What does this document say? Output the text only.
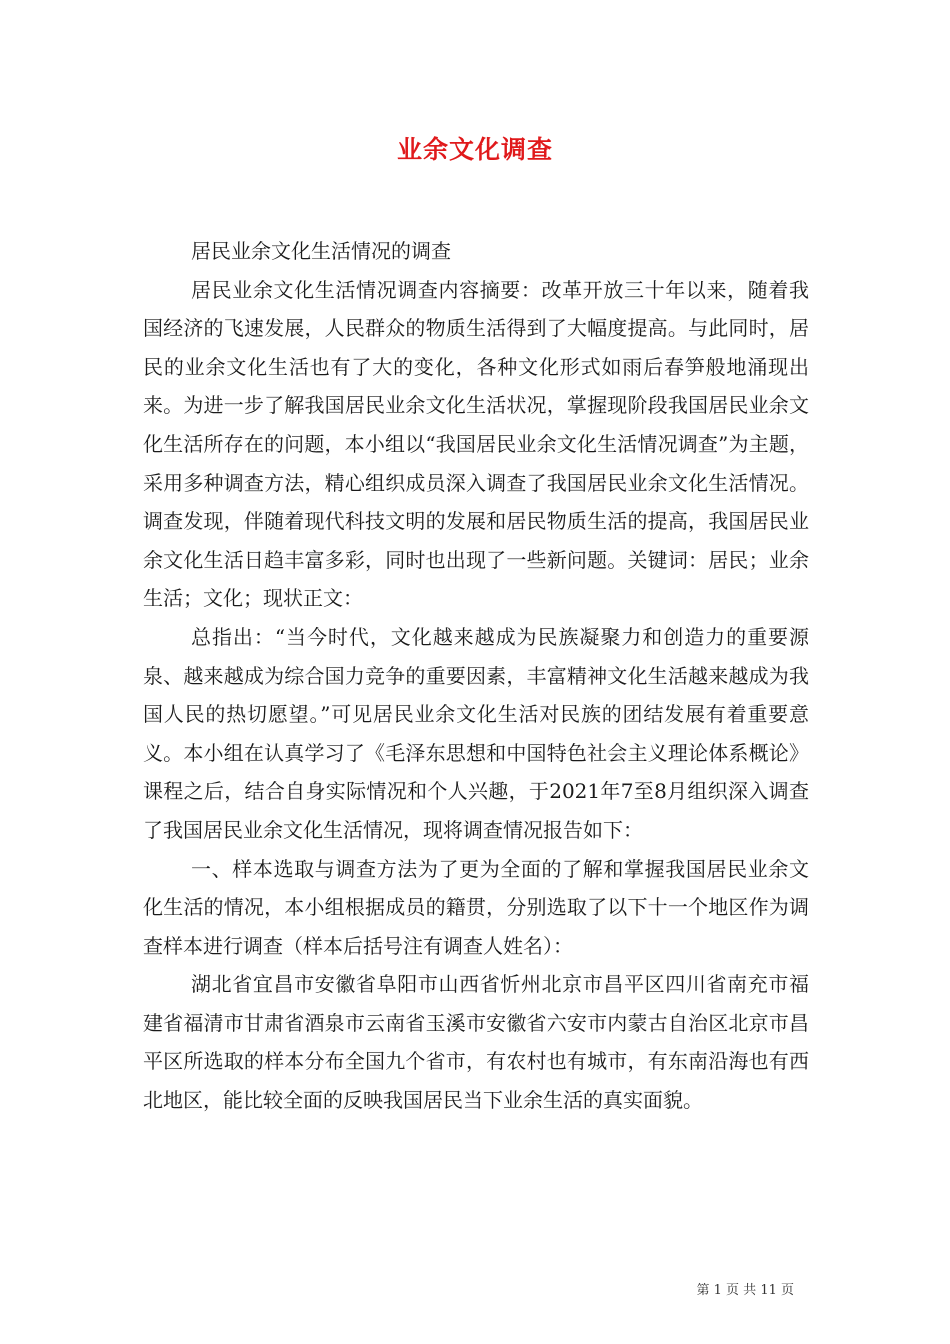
业余文化调查

居民业余文化生活情况的调查

居民业余文化生活情况调查内容摘要：改革开放三十年以来，随着我国经济的飞速发展，人民群众的物质生活得到了大幅度提高。与此同时，居民的业余文化生活也有了大的变化，各种文化形式如雨后春笋般地涌现出来。为进一步了解我国居民业余文化生活状况，掌握现阶段我国居民业余文化生活所存在的问题，本小组以“我国居民业余文化生活情况调查”为主题，采用多种调查方法，精心组织成员深入调查了我国居民业余文化生活情况。调查发现，伴随着现代科技文明的发展和居民物质生活的提高，我国居民业余文化生活日趋丰富多彩，同时也出现了一些新问题。关键词：居民；业余生活；文化；现状正文：

总指出：“当今时代，文化越来越成为民族凝聚力和创造力的重要源泉、越来越成为综合国力竞争的重要因素，丰富精神文化生活越来越成为我国人民的热切愿望。”可见居民业余文化生活对民族的团结发展有着重要意义。本小组在认真学习了《毛泽东思想和中国特色社会主义理论体系概论》课程之后，结合自身实际情况和个人兴趣，于2021年7至8月组织深入调查了我国居民业余文化生活情况，现将调查情况报告如下：

一、样本选取与调查方法为了更为全面的了解和掌握我国居民业余文化生活的情况，本小组根据成员的籍贯，分别选取了以下十一个地区作为调查样本进行调查（样本后括号注有调查人姓名）：

湖北省宜昌市安徽省阜阳市山西省忻州北京市昌平区四川省南充市福建省福清市甘肃省酒泉市云南省玉溪市安徽省六安市内蒙古自治区北京市昌平区所选取的样本分布全国九个省市，有农村也有城市，有东南沿海也有西北地区，能比较全面的反映我国居民当下业余生活的真实面貌。

第 1 页 共 11 页
